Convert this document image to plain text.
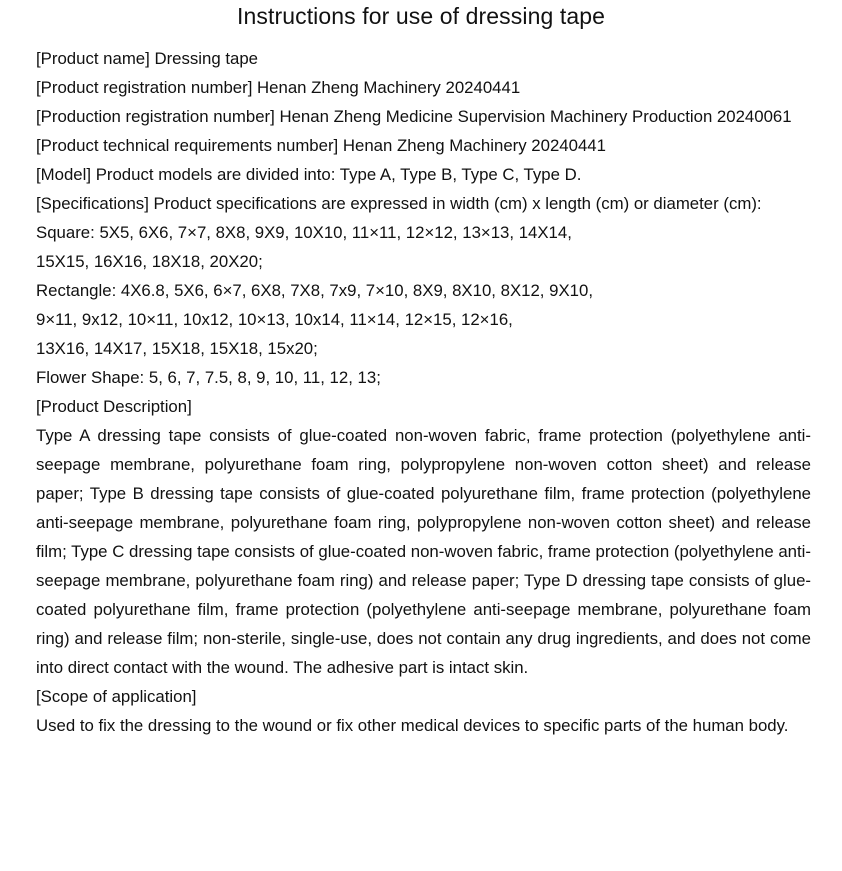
Instructions for use of dressing tape

[Product name] Dressing tape

[Product registration number] Henan Zheng Machinery 20240441

[Production registration number] Henan Zheng Medicine Supervision Machinery Production 20240061

[Product technical requirements number] Henan Zheng Machinery 20240441

[Model] Product models are divided into: Type A, Type B, Type C, Type D.

[Specifications] Product specifications are expressed in width (cm) x length (cm) or diameter (cm):

Square: 5X5, 6X6, 7×7, 8X8, 9X9, 10X10, 11×11, 12×12, 13×13, 14X14,

15X15, 16X16, 18X18, 20X20;

Rectangle: 4X6.8, 5X6, 6×7, 6X8, 7X8, 7x9, 7×10, 8X9, 8X10, 8X12, 9X10,

9×11, 9x12, 10×11, 10x12, 10×13, 10x14, 11×14, 12×15, 12×16,

13X16, 14X17, 15X18, 15X18, 15x20;

Flower Shape: 5, 6, 7, 7.5, 8, 9, 10, 11, 12, 13;

[Product Description]

Type A dressing tape consists of glue-coated non-woven fabric, frame protection (polyethylene anti-seepage membrane, polyurethane foam ring, polypropylene non-woven cotton sheet) and release paper; Type B dressing tape consists of glue-coated polyurethane film, frame protection (polyethylene anti-seepage membrane, polyurethane foam ring, polypropylene non-woven cotton sheet) and release film; Type C dressing tape consists of glue-coated non-woven fabric, frame protection (polyethylene anti-seepage membrane, polyurethane foam ring) and release paper; Type D dressing tape consists of glue-coated polyurethane film, frame protection (polyethylene anti-seepage membrane, polyurethane foam ring) and release film; non-sterile, single-use, does not contain any drug ingredients, and does not come into direct contact with the wound. The adhesive part is intact skin.

[Scope of application]

Used to fix the dressing to the wound or fix other medical devices to specific parts of the human body.
